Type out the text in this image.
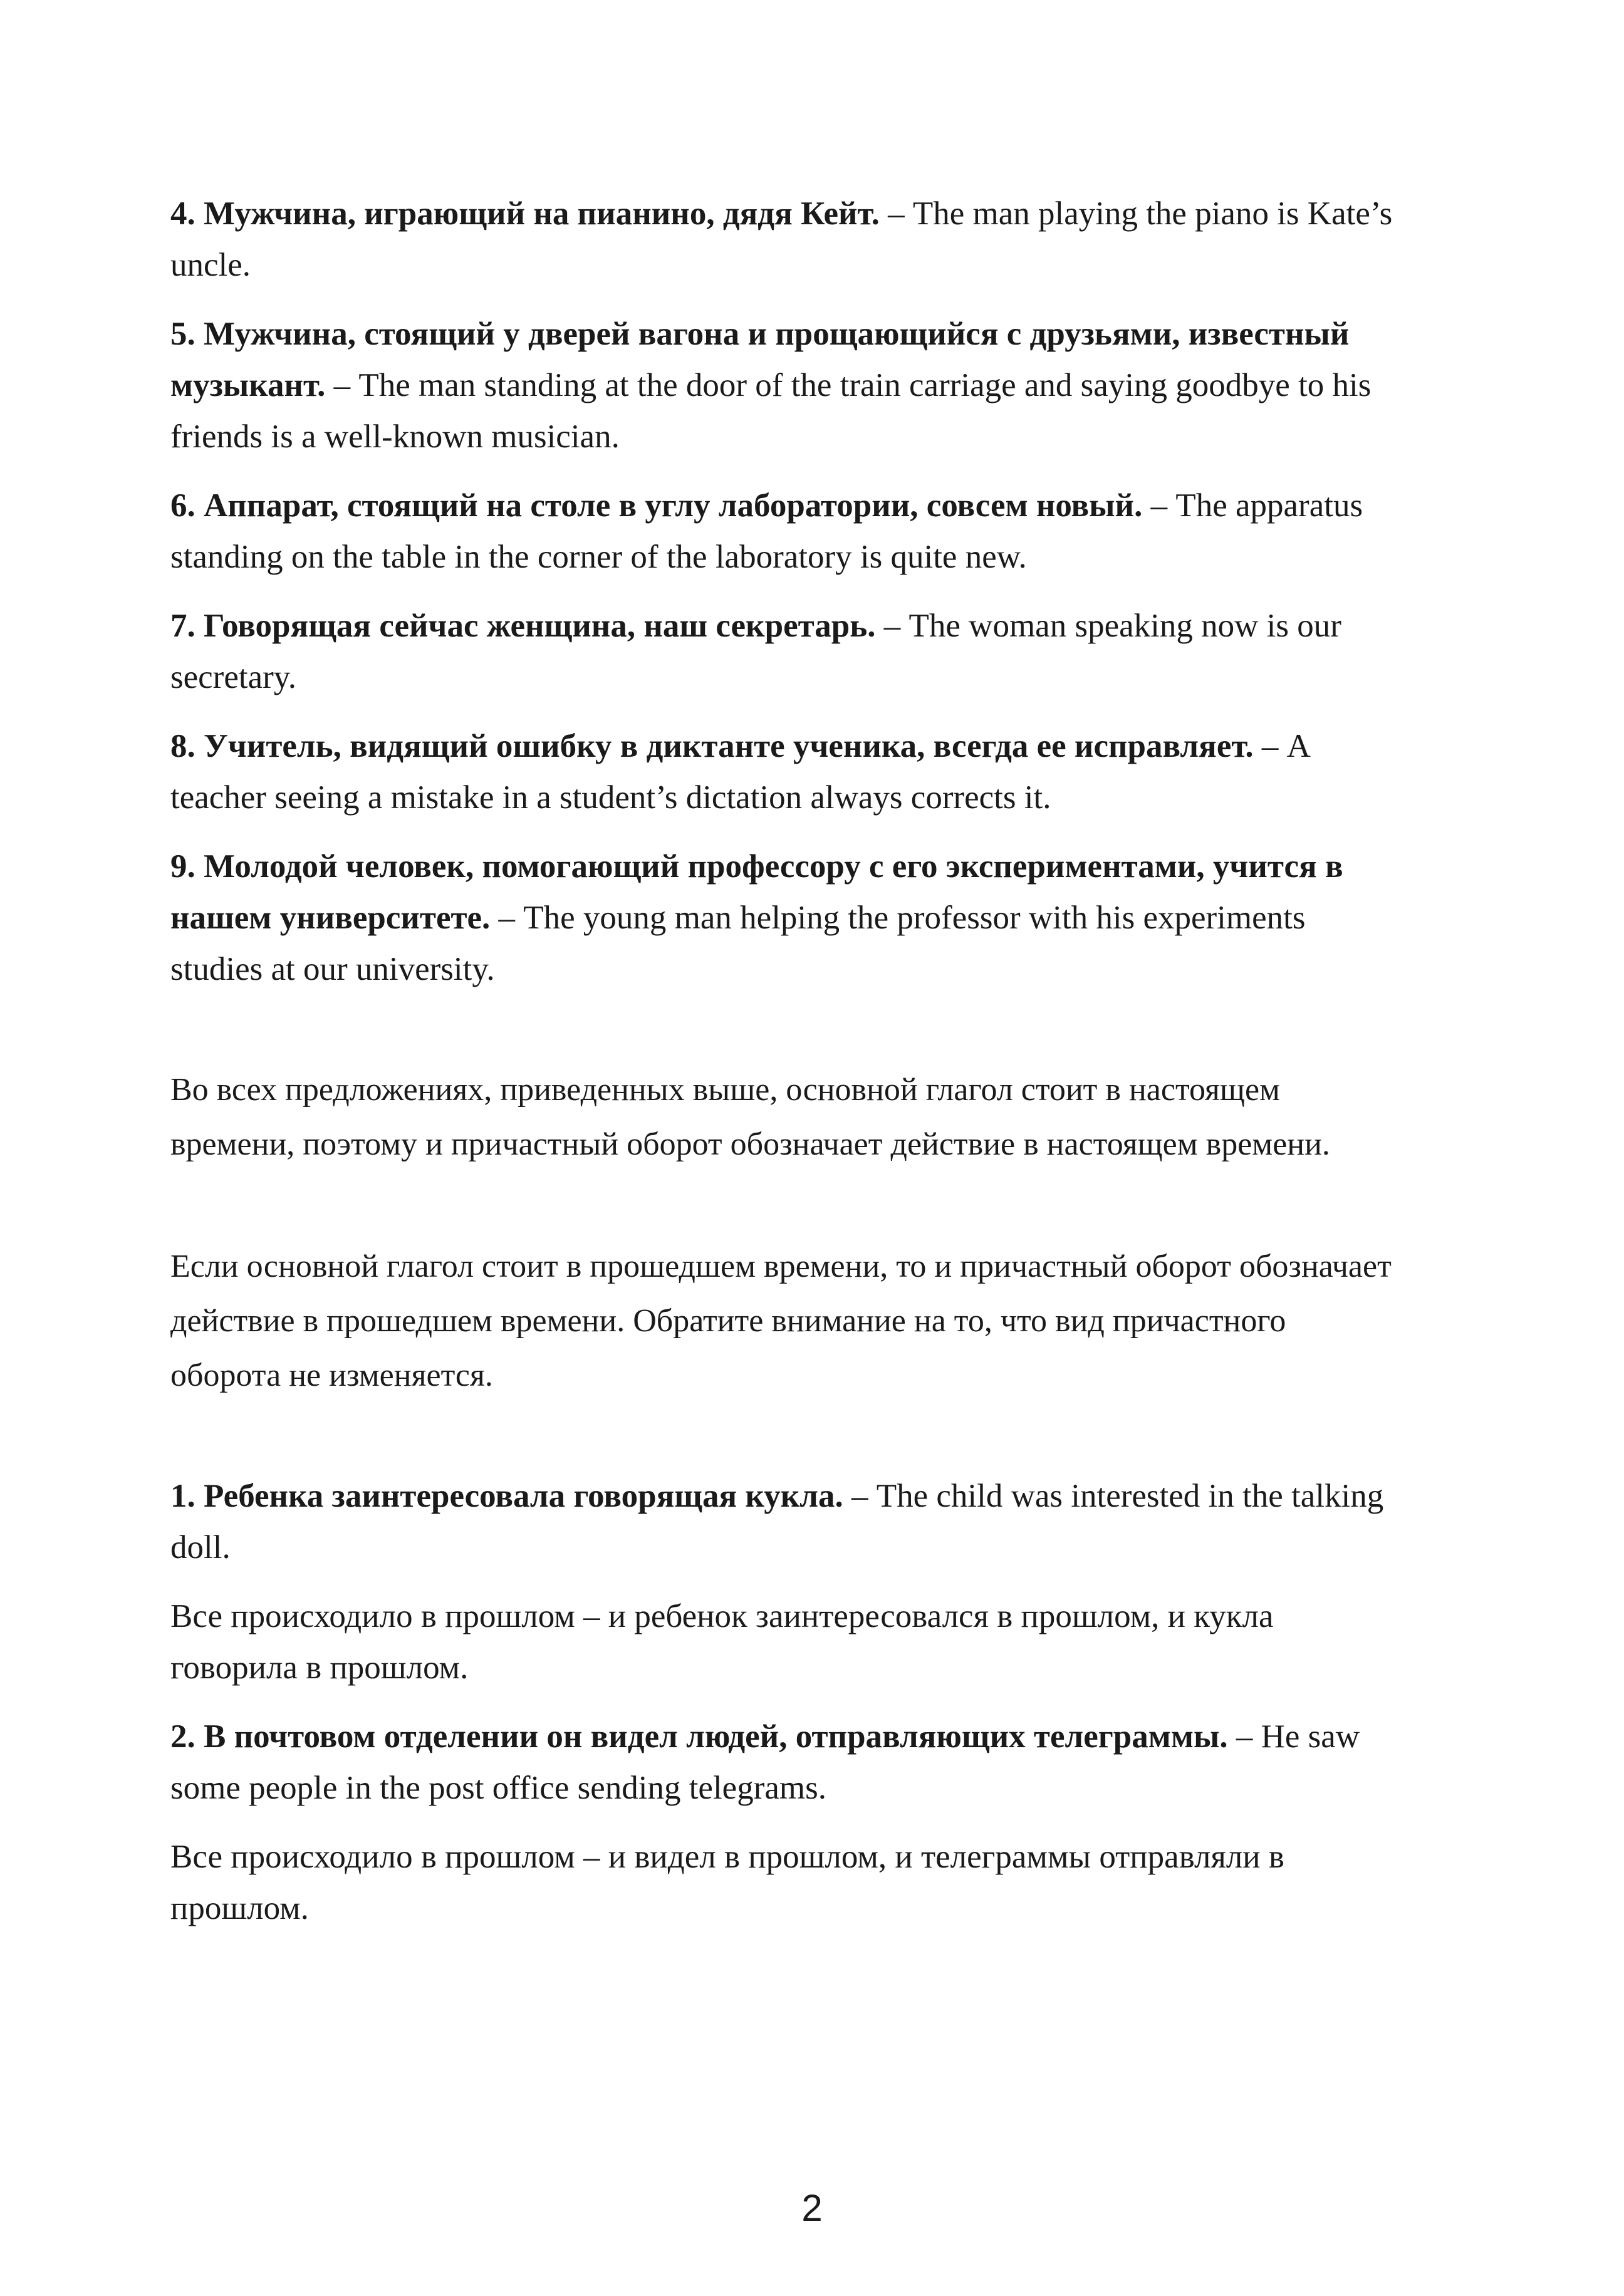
4. Мужчина, играющий на пианино, дядя Кейт. – The man playing the piano is Kate’s uncle.

5. Мужчина, стоящий у дверей вагона и прощающийся с друзьями, известный музыкант. – The man standing at the door of the train carriage and saying goodbye to his friends is a well-known musician.

6. Аппарат, стоящий на столе в углу лаборатории, совсем новый. – The apparatus standing on the table in the corner of the laboratory is quite new.

7. Говорящая сейчас женщина, наш секретарь. – The woman speaking now is our secretary.

8. Учитель, видящий ошибку в диктанте ученика, всегда ее исправляет. – A teacher seeing a mistake in a student’s dictation always corrects it.

9. Молодой человек, помогающий профессору с его экспериментами, учится в нашем университете. – The young man helping the professor with his experiments studies at our university.

Во всех предложениях, приведенных выше, основной глагол стоит в настоящем времени, поэтому и причастный оборот обозначает действие в настоящем времени.

Если основной глагол стоит в прошедшем времени, то и причастный оборот обозначает действие в прошедшем времени. Обратите внимание на то, что вид причастного оборота не изменяется.

1. Ребенка заинтересовала говорящая кукла. – The child was interested in the talking doll.

Все происходило в прошлом – и ребенок заинтересовался в прошлом, и кукла говорила в прошлом.

2. В почтовом отделении он видел людей, отправляющих телеграммы. – He saw some people in the post office sending telegrams.

Все происходило в прошлом – и видел в прошлом, и телеграммы отправляли в прошлом.

2
